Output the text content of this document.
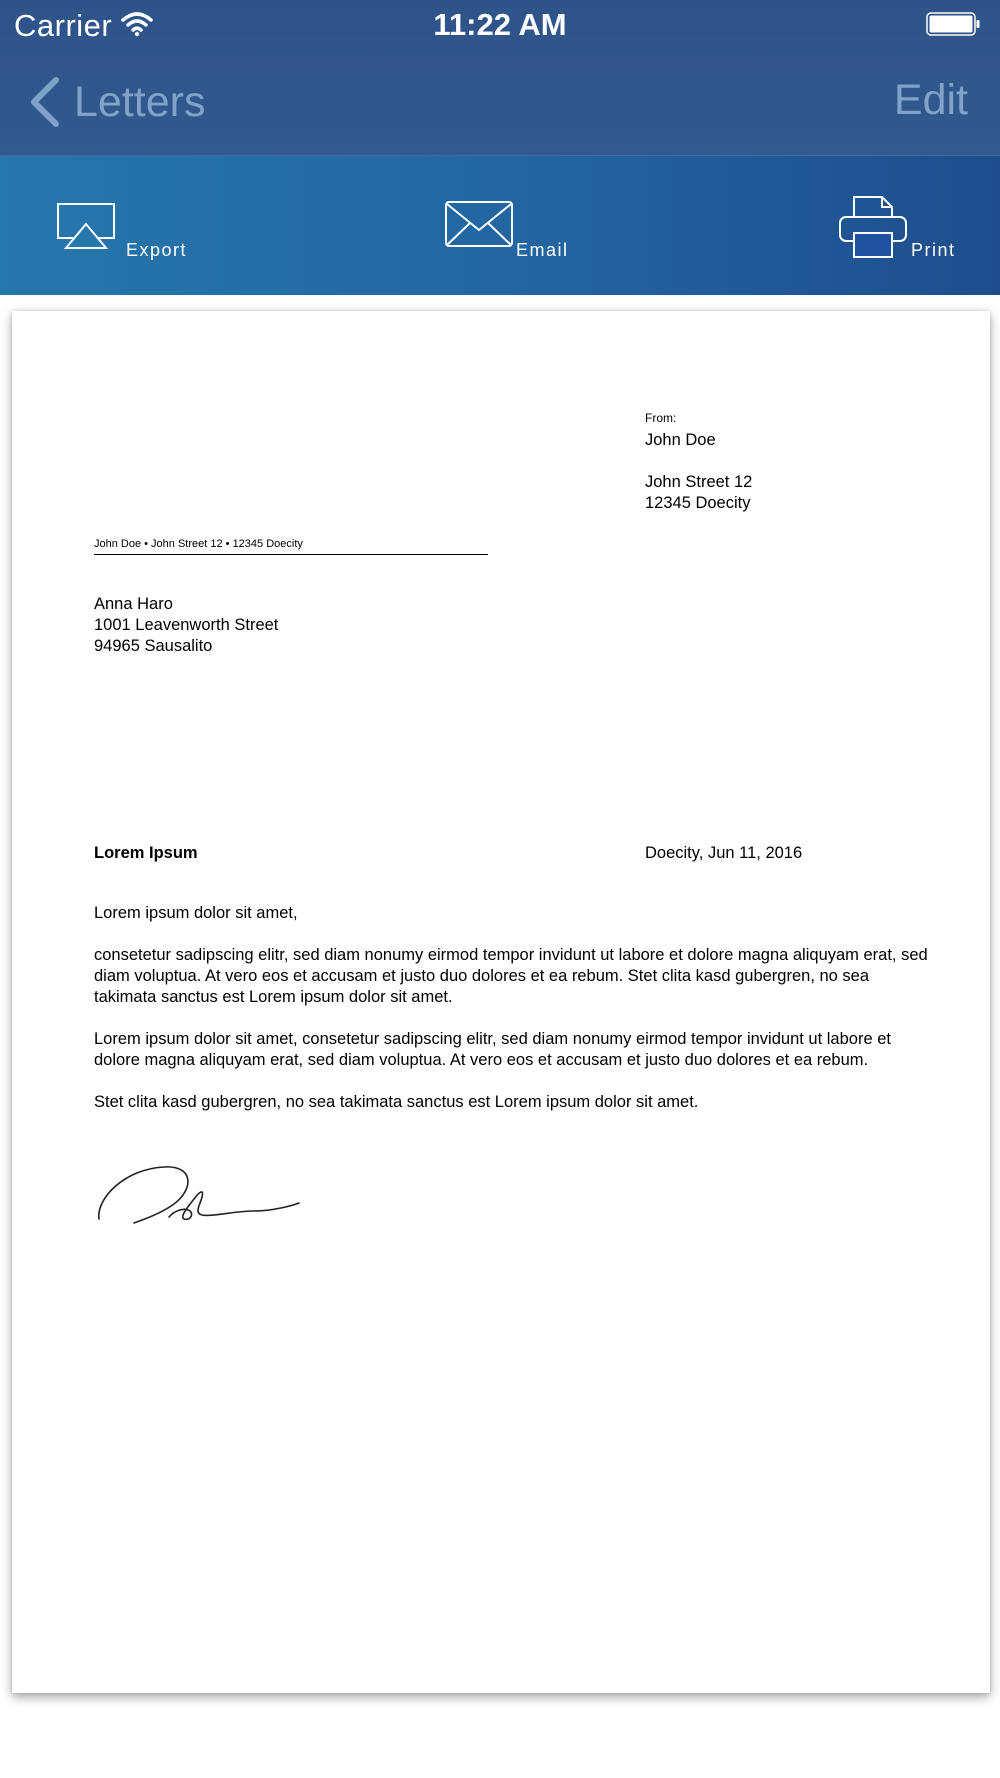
Carrier	11:22 AM
Letters	Edit
Export	Email	Print
From:
John Doe
John Street 12
12345 Doecity
John Doe • John Street 12 • 12345 Doecity
Anna Haro
1001 Leavenworth Street
94965 Sausalito
Lorem Ipsum	Doecity, Jun 11, 2016

Lorem ipsum dolor sit amet,

consetetur sadipscing elitr, sed diam nonumy eirmod tempor invidunt ut labore et dolore magna aliquyam erat, sed diam voluptua. At vero eos et accusam et justo duo dolores et ea rebum. Stet clita kasd gubergren, no sea takimata sanctus est Lorem ipsum dolor sit amet.

Lorem ipsum dolor sit amet, consetetur sadipscing elitr, sed diam nonumy eirmod tempor invidunt ut labore et dolore magna aliquyam erat, sed diam voluptua. At vero eos et accusam et justo duo dolores et ea rebum.

Stet clita kasd gubergren, no sea takimata sanctus est Lorem ipsum dolor sit amet.
